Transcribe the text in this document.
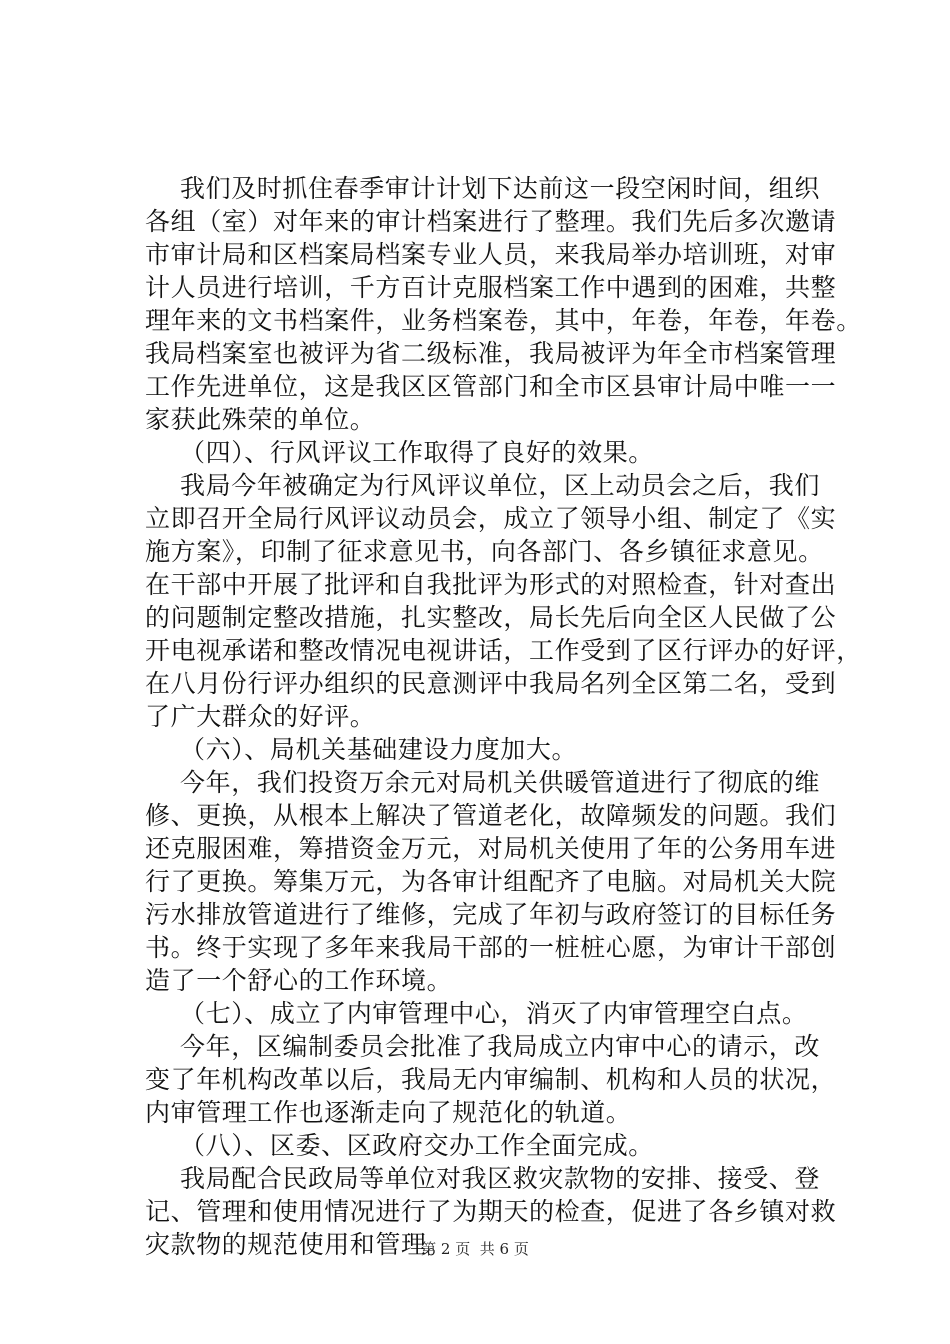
我们及时抓住春季审计计划下达前这一段空闲时间，组织
各组（室）对年来的审计档案进行了整理。我们先后多次邀请
市审计局和区档案局档案专业人员，来我局举办培训班，对审
计人员进行培训，千方百计克服档案工作中遇到的困难，共整
理年来的文书档案件，业务档案卷，其中，年卷，年卷，年卷。
我局档案室也被评为省二级标准，我局被评为年全市档案管理
工作先进单位，这是我区区管部门和全市区县审计局中唯一一
家获此殊荣的单位。
（四）、行风评议工作取得了良好的效果。
我局今年被确定为行风评议单位，区上动员会之后，我们
立即召开全局行风评议动员会，成立了领导小组、制定了《实
施方案》，印制了征求意见书，向各部门、各乡镇征求意见。
在干部中开展了批评和自我批评为形式的对照检查，针对查出
的问题制定整改措施，扎实整改，局长先后向全区人民做了公
开电视承诺和整改情况电视讲话，工作受到了区行评办的好评，
在八月份行评办组织的民意测评中我局名列全区第二名，受到
了广大群众的好评。
（六）、局机关基础建设力度加大。
今年，我们投资万余元对局机关供暖管道进行了彻底的维
修、更换，从根本上解决了管道老化，故障频发的问题。我们
还克服困难，筹措资金万元，对局机关使用了年的公务用车进
行了更换。筹集万元，为各审计组配齐了电脑。对局机关大院
污水排放管道进行了维修，完成了年初与政府签订的目标任务
书。终于实现了多年来我局干部的一桩桩心愿，为审计干部创
造了一个舒心的工作环境。
（七）、成立了内审管理中心，消灭了内审管理空白点。
今年，区编制委员会批准了我局成立内审中心的请示，改
变了年机构改革以后，我局无内审编制、机构和人员的状况，
内审管理工作也逐渐走向了规范化的轨道。
（八）、区委、区政府交办工作全面完成。
我局配合民政局等单位对我区救灾款物的安排、接受、登
记、管理和使用情况进行了为期天的检查，促进了各乡镇对救
灾款物的规范使用和管理。
第 2 页  共 6 页
